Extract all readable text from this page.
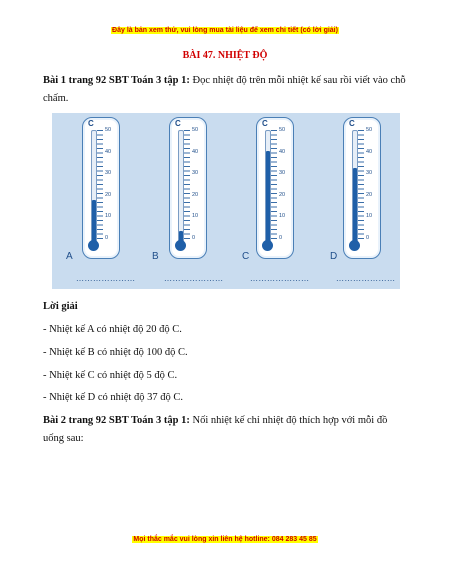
Đây là bản xem thử, vui lòng mua tài liệu để xem chi tiết (có lời giải)
BÀI 47. NHIỆT ĐỘ
Bài 1 trang 92 SBT Toán 3 tập 1: Đọc nhiệt độ trên mỗi nhiệt kế sau rồi viết vào chỗ chấm.
C
50
40
30
20
10
0
A
…………………
C
50
40
30
20
10
0
B
…………………
C
50
40
30
20
10
0
C
…………………
C
50
40
30
20
10
0
D
…………………
Lời giải
- Nhiệt kế A có nhiệt độ 20 độ C.
- Nhiệt kế B có nhiệt độ 100 độ C.
- Nhiệt kế C có nhiệt độ 5 độ C.
- Nhiệt kế D có nhiệt độ 37 độ C.
Bài 2 trang 92 SBT Toán 3 tập 1: Nối nhiệt kế chỉ nhiệt độ thích hợp với mỗi đồ uống sau:
Mọi thắc mắc vui lòng xin liên hệ hotline: 084 283 45 85
